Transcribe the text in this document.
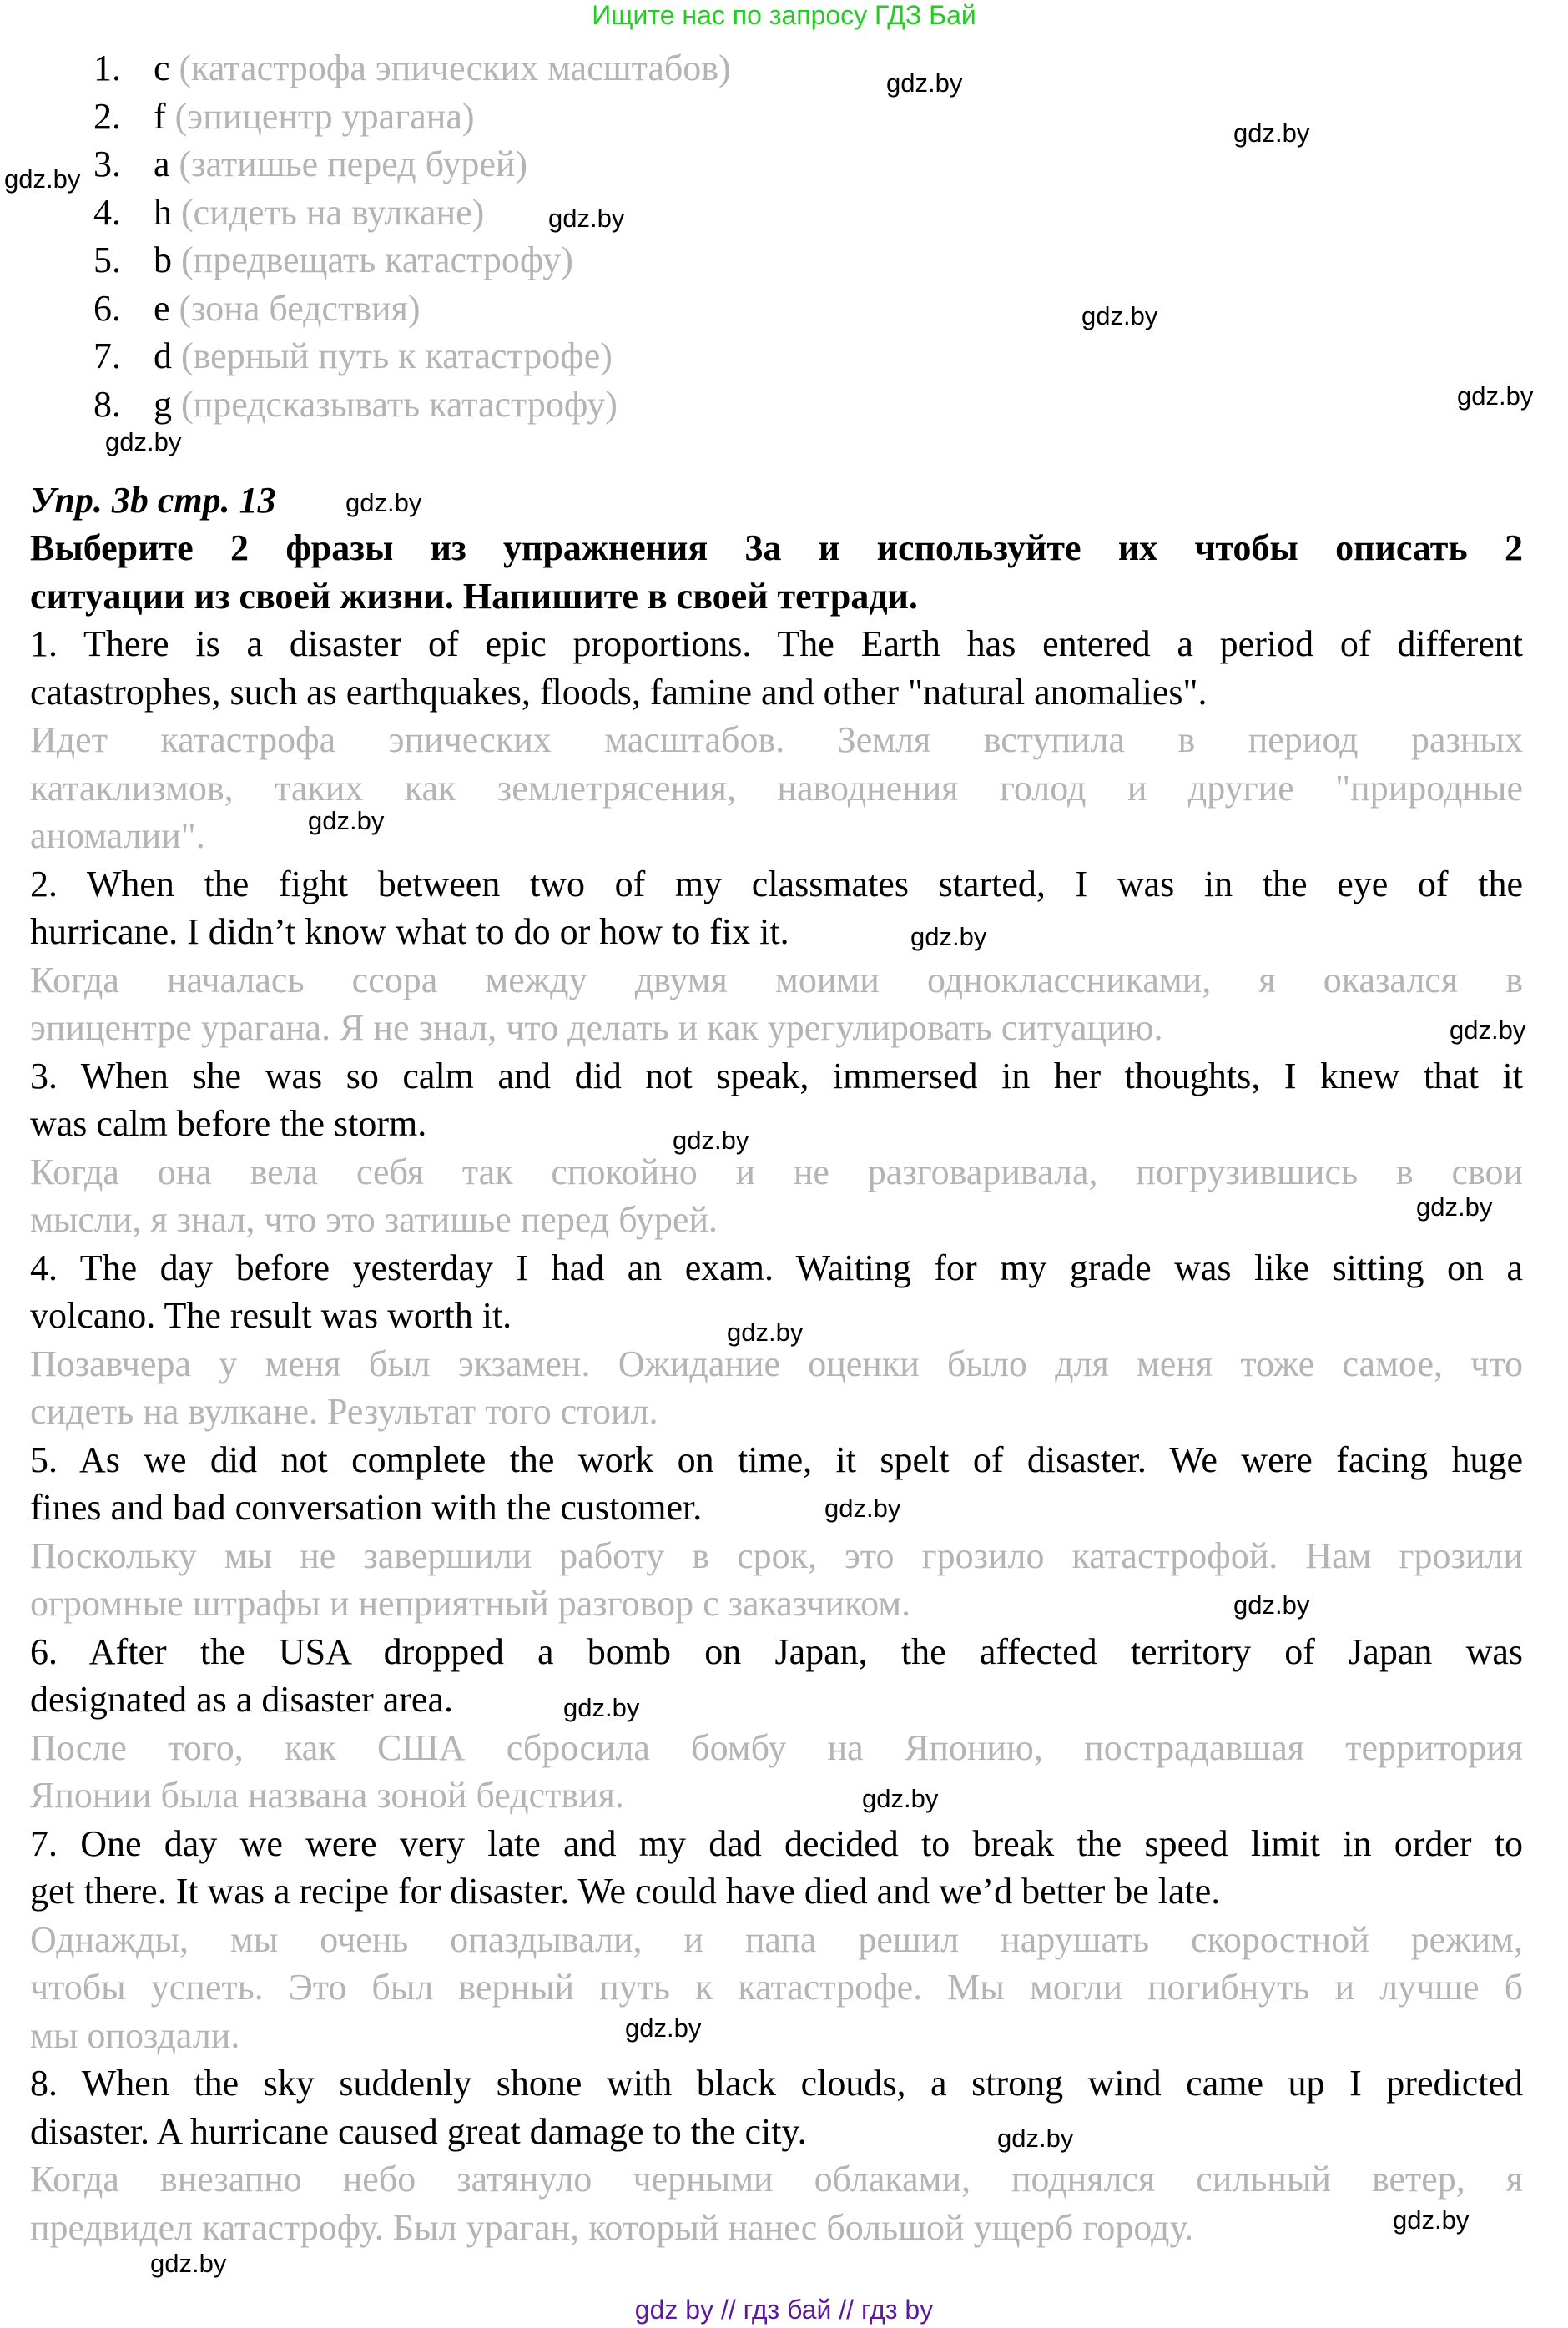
Ищите нас по запросу ГДЗ Бай
1. c (катастрофа эпических масштабов)
2. f (эпицентр урагана)
3. a (затишье перед бурей)
4. h (сидеть на вулкане)
5. b (предвещать катастрофу)
6. e (зона бедствия)
7. d (верный путь к катастрофе)
8. g (предсказывать катастрофу)
Упр. 3b стр. 13
Выберите 2 фразы из упражнения 3a и используйте их чтобы описать 2
ситуации из своей жизни. Напишите в своей тетради.
1. There is a disaster of epic proportions. The Earth has entered a period of different
catastrophes, such as earthquakes, floods, famine and other "natural anomalies".
Идет катастрофа эпических масштабов. Земля вступила в период разных
катаклизмов, таких как землетрясения, наводнения голод и другие "природные
аномалии".
2. When the fight between two of my classmates started, I was in the eye of the
hurricane. I didn’t know what to do or how to fix it.
Когда началась ссора между двумя моими одноклассниками, я оказался в
эпицентре урагана. Я не знал, что делать и как урегулировать ситуацию.
3. When she was so calm and did not speak, immersed in her thoughts, I knew that it
was calm before the storm.
Когда она вела себя так спокойно и не разговаривала, погрузившись в свои
мысли, я знал, что это затишье перед бурей.
4. The day before yesterday I had an exam. Waiting for my grade was like sitting on a
volcano. The result was worth it.
Позавчера у меня был экзамен. Ожидание оценки было для меня тоже самое, что
сидеть на вулкане. Результат того стоил.
5. As we did not complete the work on time, it spelt of disaster. We were facing huge
fines and bad conversation with the customer.
Поскольку мы не завершили работу в срок, это грозило катастрофой. Нам грозили
огромные штрафы и неприятный разговор с заказчиком.
6. After the USA dropped a bomb on Japan, the affected territory of Japan was
designated as a disaster area.
После того, как США сбросила бомбу на Японию, пострадавшая территория
Японии была названа зоной бедствия.
7. One day we were very late and my dad decided to break the speed limit in order to
get there. It was a recipe for disaster. We could have died and we’d better be late.
Однажды, мы очень опаздывали, и папа решил нарушать скоростной режим,
чтобы успеть. Это был верный путь к катастрофе. Мы могли погибнуть и лучше б
мы опоздали.
8. When the sky suddenly shone with black clouds, a strong wind came up I predicted
disaster. A hurricane caused great damage to the city.
Когда внезапно небо затянуло черными облаками, поднялся сильный ветер, я
предвидел катастрофу. Был ураган, который нанес большой ущерб городу.
gdz.by
gdz.by
gdz.by
gdz.by
gdz.by
gdz.by
gdz.by
gdz.by
gdz.by
gdz.by
gdz.by
gdz.by
gdz.by
gdz.by
gdz.by
gdz.by
gdz.by
gdz.by
gdz.by
gdz.by
gdz.by
gdz.by
gdz by // гдз бай // гдз by
